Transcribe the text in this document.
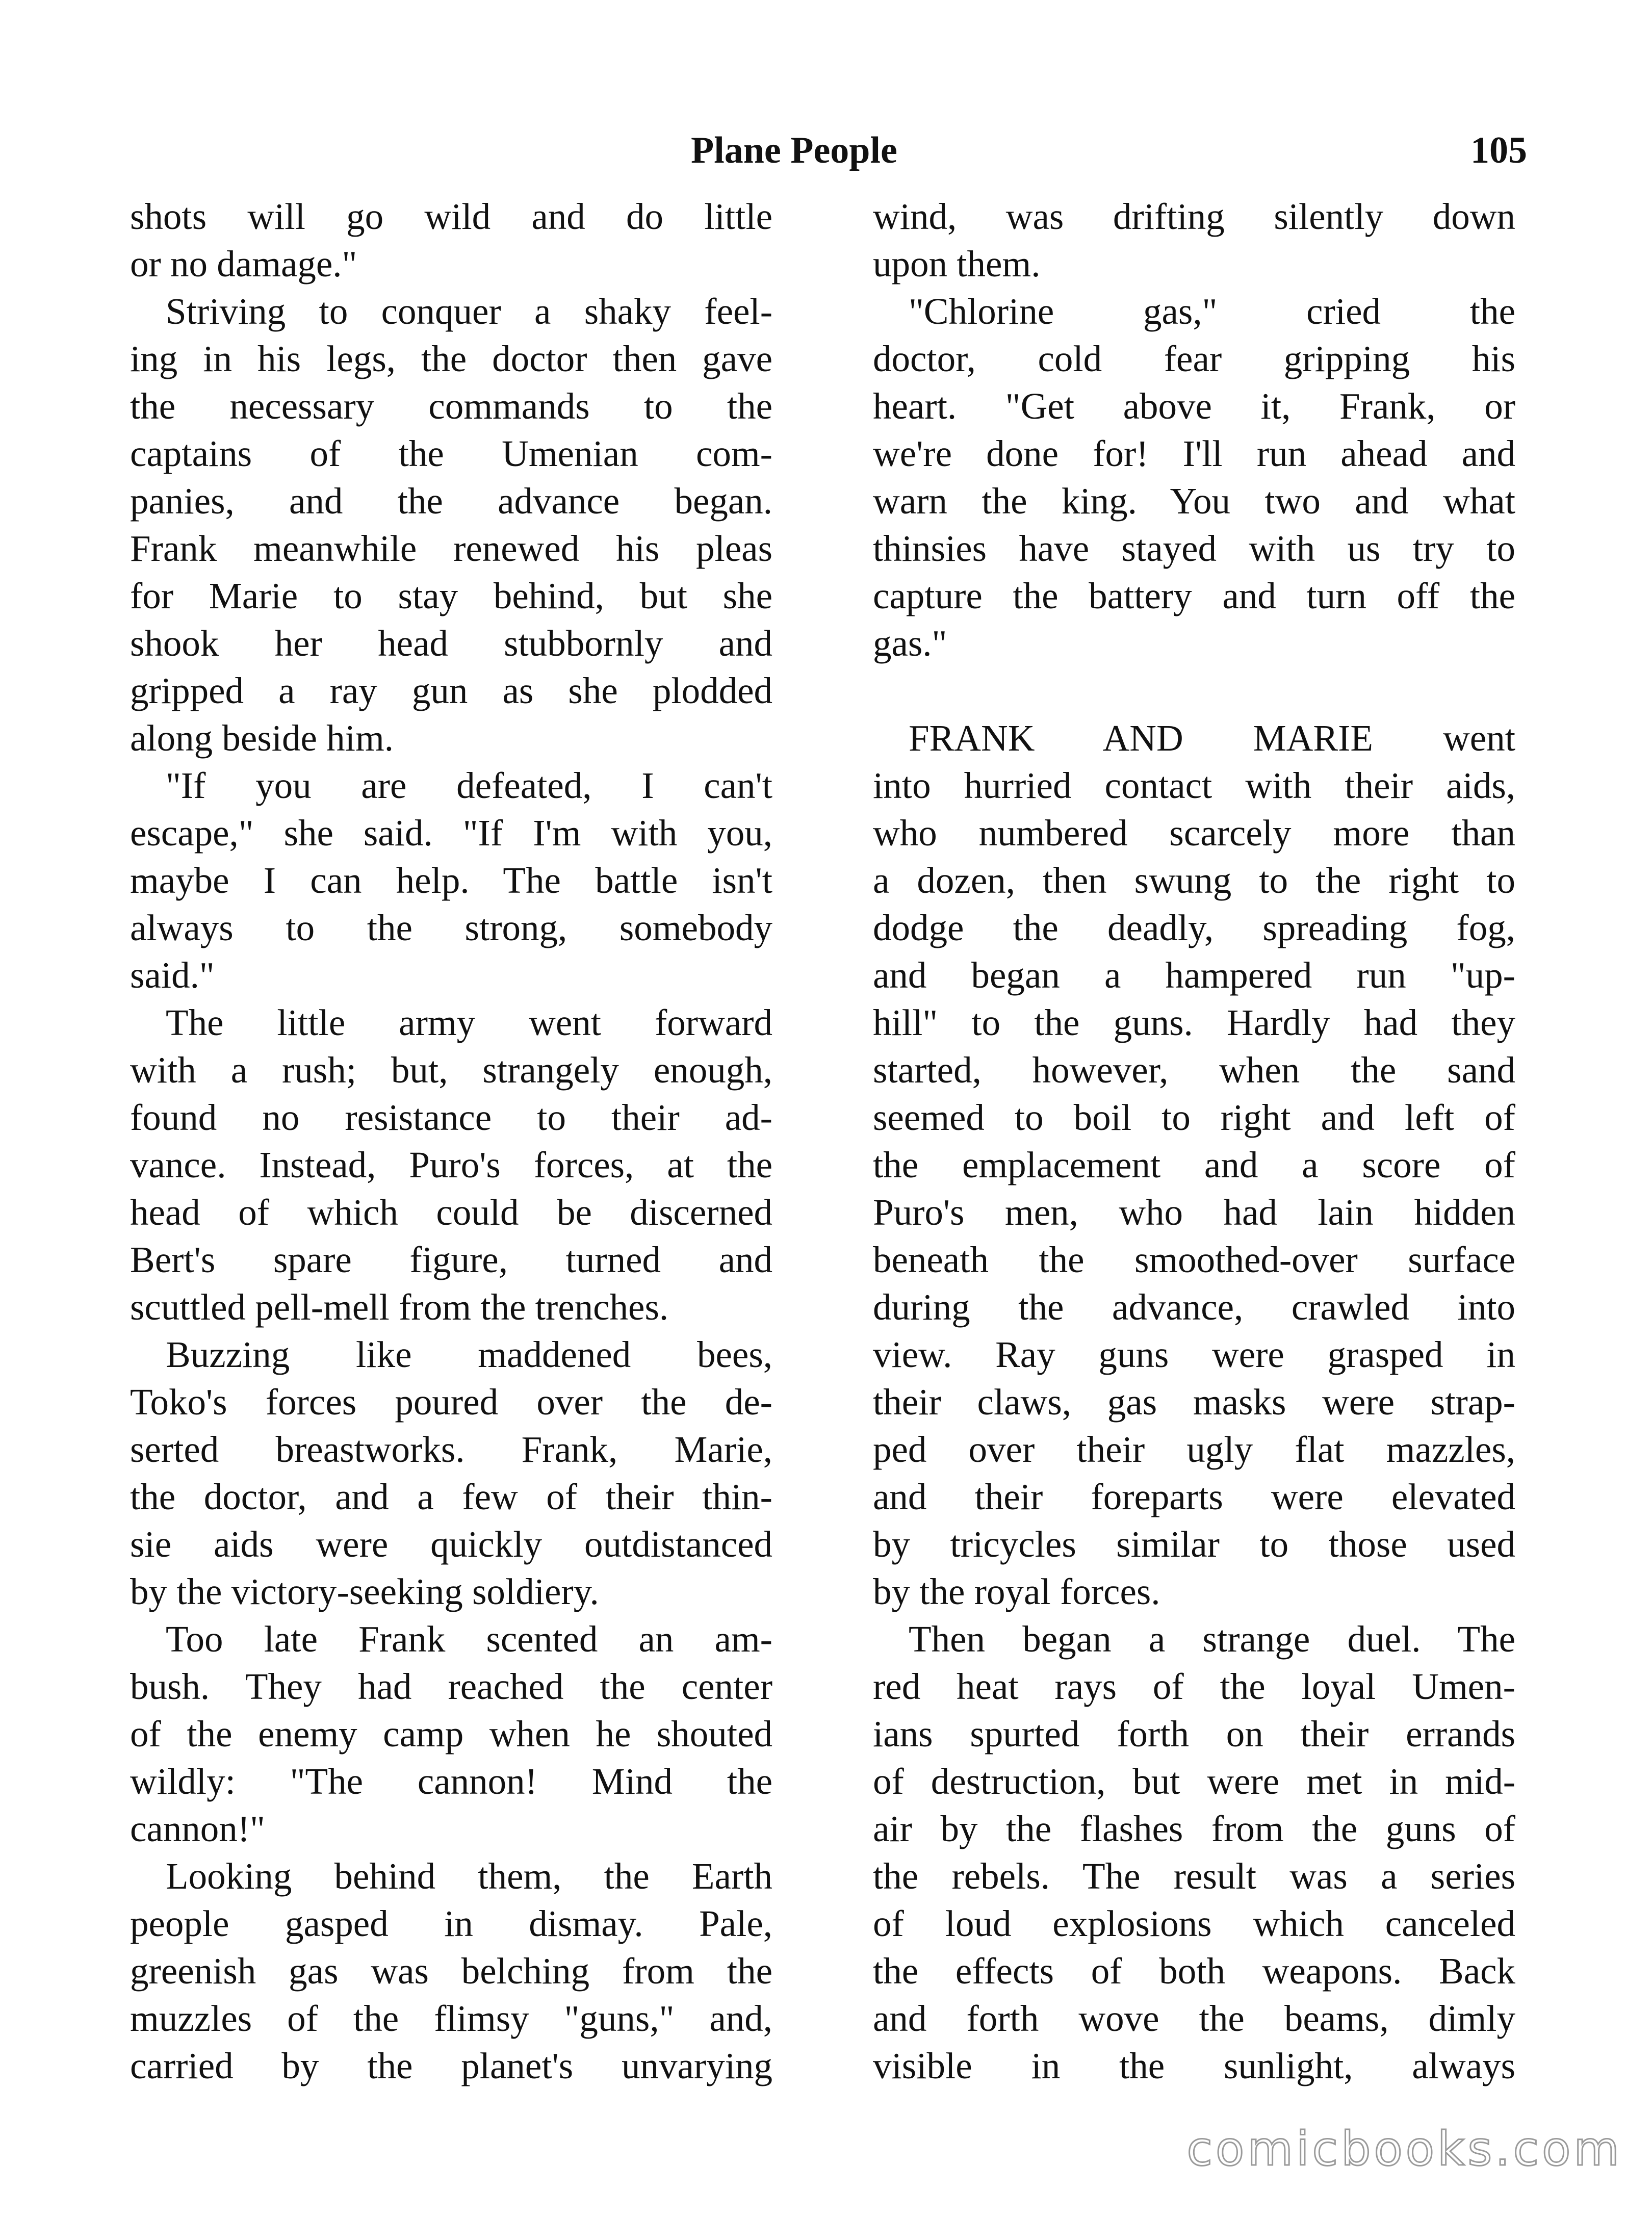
Plane People	105
shots will go wild and do little
or no damage."
Striving to conquer a shaky feel-
ing in his legs, the doctor then gave
the necessary commands to the
captains of the Umenian com-
panies, and the advance began.
Frank meanwhile renewed his pleas
for Marie to stay behind, but she
shook her head stubbornly and
gripped a ray gun as she plodded
along beside him.
"If you are defeated, I can't
escape," she said. "If I'm with you,
maybe I can help. The battle isn't
always to the strong, somebody
said."
The little army went forward
with a rush; but, strangely enough,
found no resistance to their ad-
vance. Instead, Puro's forces, at the
head of which could be discerned
Bert's spare figure, turned and
scuttled pell-mell from the trenches.
Buzzing like maddened bees,
Toko's forces poured over the de-
serted breastworks. Frank, Marie,
the doctor, and a few of their thin-
sie aids were quickly outdistanced
by the victory-seeking soldiery.
Too late Frank scented an am-
bush. They had reached the center
of the enemy camp when he shouted
wildly: "The cannon! Mind the
cannon!"
Looking behind them, the Earth
people gasped in dismay. Pale,
greenish gas was belching from the
muzzles of the flimsy "guns," and,
carried by the planet's unvarying
wind, was drifting silently down
upon them.
"Chlorine gas," cried the
doctor, cold fear gripping his
heart. "Get above it, Frank, or
we're done for! I'll run ahead and
warn the king. You two and what
thinsies have stayed with us try to
capture the battery and turn off the
gas."
FRANK AND MARIE went
into hurried contact with their aids,
who numbered scarcely more than
a dozen, then swung to the right to
dodge the deadly, spreading fog,
and began a hampered run "up-
hill" to the guns. Hardly had they
started, however, when the sand
seemed to boil to right and left of
the emplacement and a score of
Puro's men, who had lain hidden
beneath the smoothed-over surface
during the advance, crawled into
view. Ray guns were grasped in
their claws, gas masks were strap-
ped over their ugly flat mazzles,
and their foreparts were elevated
by tricycles similar to those used
by the royal forces.
Then began a strange duel. The
red heat rays of the loyal Umen-
ians spurted forth on their errands
of destruction, but were met in mid-
air by the flashes from the guns of
the rebels. The result was a series
of loud explosions which canceled
the effects of both weapons. Back
and forth wove the beams, dimly
visible in the sunlight, always
comicbooks.com
